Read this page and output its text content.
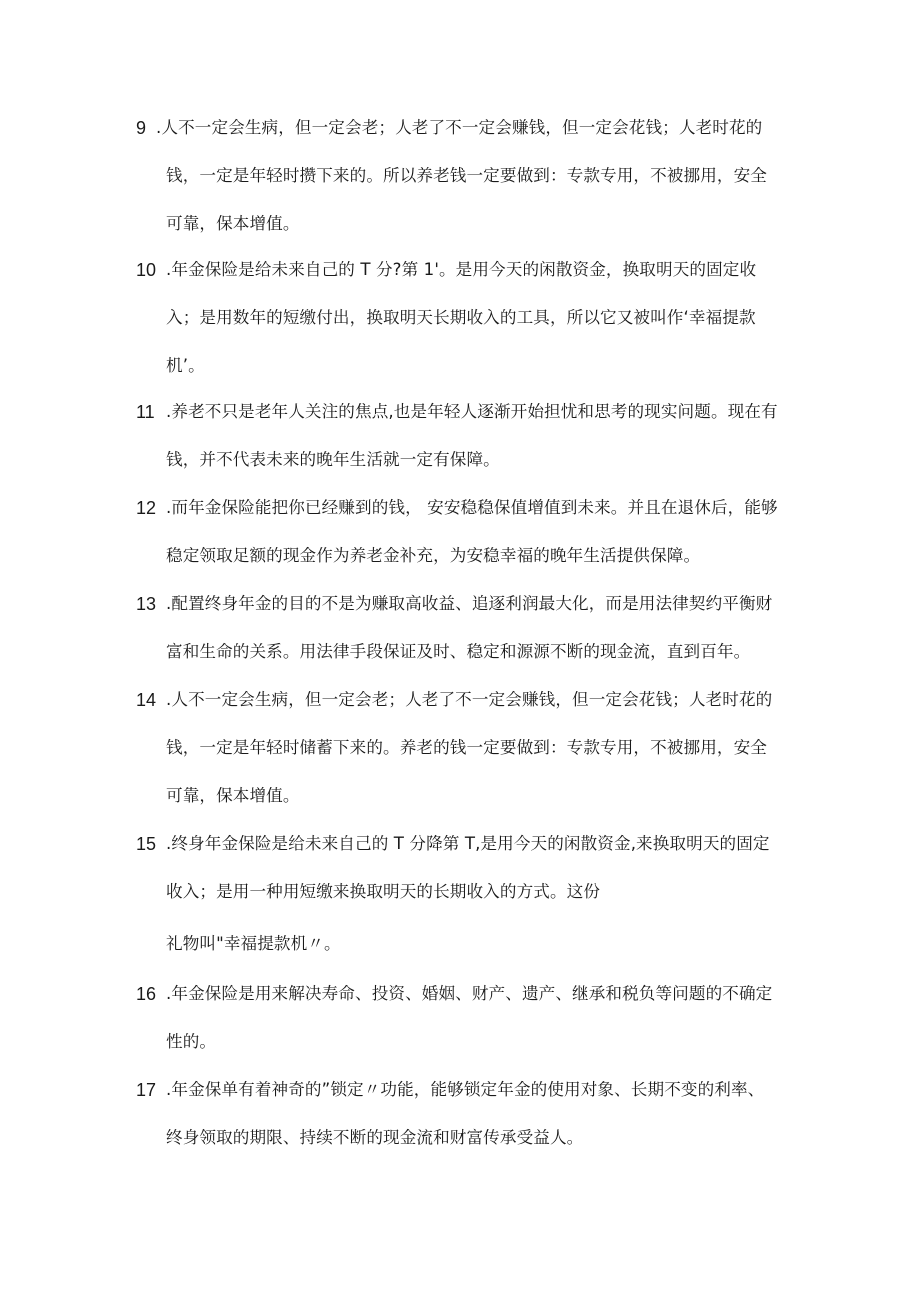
9 .人不一定会生病，但一定会老；人老了不一定会赚钱，但一定会花钱；人老时花的
钱，一定是年轻时攒下来的。所以养老钱一定要做到：专款专用，不被挪用，安全
可靠，保本增值。
10 .年金保险是给未来自己的 T 分?第 1'。是用今天的闲散资金，换取明天的固定收
入；是用数年的短缴付出，换取明天长期收入的工具，所以它又被叫作‘幸福提款
机’。
11 .养老不只是老年人关注的焦点,也是年轻人逐渐开始担忧和思考的现实问题。现在有
钱，并不代表未来的晚年生活就一定有保障。
12 .而年金保险能把你已经赚到的钱， 安安稳稳保值增值到未来。并且在退休后，能够
稳定领取足额的现金作为养老金补充，为安稳幸福的晚年生活提供保障。
13 .配置终身年金的目的不是为赚取高收益、追逐利润最大化，而是用法律契约平衡财
富和生命的关系。用法律手段保证及时、稳定和源源不断的现金流，直到百年。
14 .人不一定会生病，但一定会老；人老了不一定会赚钱，但一定会花钱；人老时花的
钱，一定是年轻时储蓄下来的。养老的钱一定要做到：专款专用，不被挪用，安全
可靠，保本增值。
15 .终身年金保险是给未来自己的 T 分降第 T,是用今天的闲散资金,来换取明天的固定
收入；是用一种用短缴来换取明天的长期收入的方式。这份
礼物叫"幸福提款机〃。
16 .年金保险是用来解决寿命、投资、婚姻、财产、遗产、继承和税负等问题的不确定
性的。
17 .年金保单有着神奇的”锁定〃功能，能够锁定年金的使用对象、长期不变的利率、
终身领取的期限、持续不断的现金流和财富传承受益人。
